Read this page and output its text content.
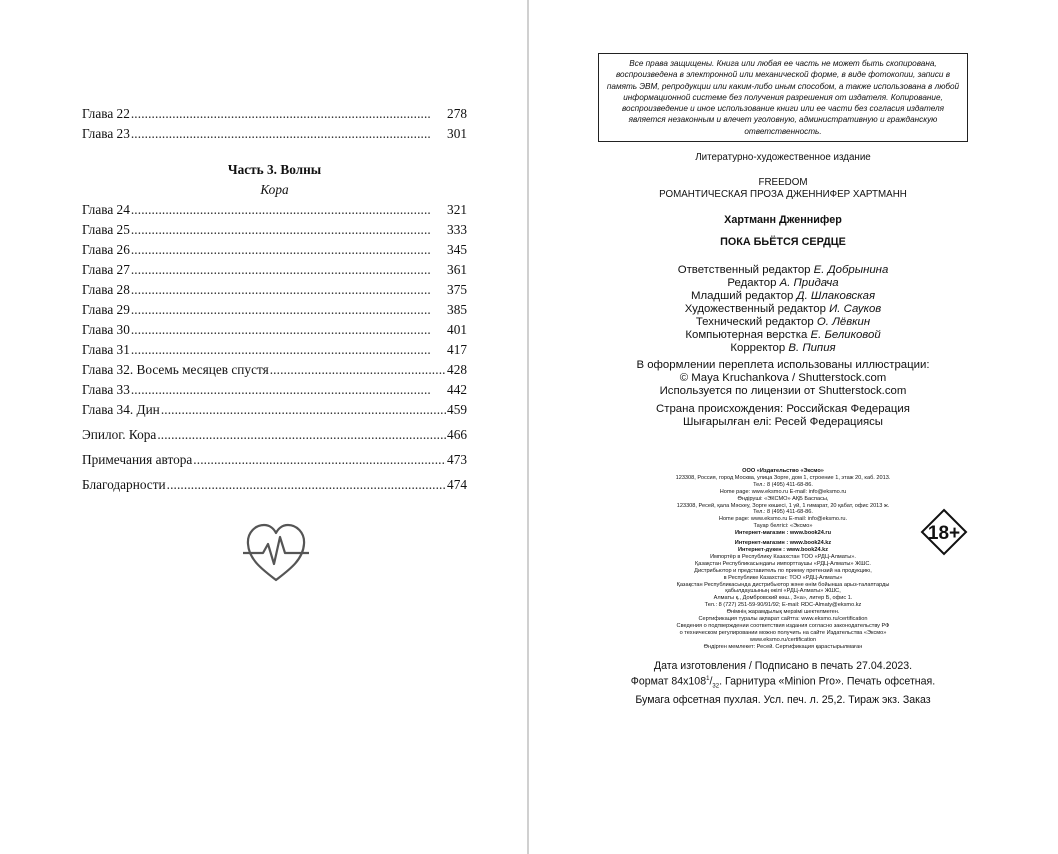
Глава 22 . . .	278
Глава 23 . . .	301
Часть 3. Волны
Кора
Глава 24 . . .	321
Глава 25 . . .	333
Глава 26 . . .	345
Глава 27 . . .	361
Глава 28 . . .	375
Глава 29 . . .	385
Глава 30 . . .	401
Глава 31 . . .	417
Глава 32. Восемь месяцев спустя . . .	428
Глава 33 . . .	442
Глава 34. Дин . . .	459
Эпилог. Кора . . .	466
Примечания автора . . .	473
Благодарности . . .	474
Все права защищены. Книга или любая ее часть не может быть скопирована, воспроизведена в электронной или механической форме, в виде фотокопии, записи в память ЭВМ, репродукции или каким-либо иным способом, а также использована в любой информационной системе без получения разрешения от издателя. Копирование, воспроизведение и иное использование книги или ее части без согласия издателя является незаконным и влечет уголовную, административную и гражданскую ответственность.
Литературно-художественное издание
FREEDOM
РОМАНТИЧЕСКАЯ ПРОЗА ДЖЕННИФЕР ХАРТМАНН
Хартманн Дженнифер
ПОКА БЬЁТСЯ СЕРДЦЕ
Ответственный редактор Е. Добрынина
Редактор А. Придача
Младший редактор Д. Шлаковская
Художественный редактор И. Сауков
Технический редактор О. Лёвкин
Компьютерная верстка Е. Беликовой
Корректор В. Пипия
В оформлении переплета использованы иллюстрации:
© Maya Kruchankova / Shutterstock.com
Используется по лицензии от Shutterstock.com
Страна происхождения: Российская Федерация
Шығарылған елі: Ресей Федерациясы
ООО «Издательство «Эксмо»
123308, Россия, город Москва, улица Зорге, дом 1, строение 1, этаж 20, каб. 2013.
Тел.: 8 (495) 411-68-86.
Home page: www.eksmo.ru E-mail: info@eksmo.ru
Өндіруші: «ЭКСМО» АҚБ Баспасы,
123308, Ресей, қала Мәскеу, Зорге көшесі, 1 үй, 1 ғимарат, 20 қабат, офис 2013 ж.
Тел.: 8 (495) 411-68-86.
Home page: www.eksmo.ru E-mail: info@eksmo.ru.
Тауар белгісі: «Эксмо»
Интернет-магазин : www.book24.ru
Интернет-магазин : www.book24.kz
Интернет-дүкен : www.book24.kz
Импортёр в Республику Казахстан ТОО «РДЦ-Алматы».
Қазақстан Республикасындағы импорттаушы «РДЦ-Алматы» ЖШС.
Дистрибьютор и представитель по приему претензий на продукцию,
в Республике Казахстан: ТОО «РДЦ-Алматы»
Қазақстан Республикасында дистрибьютор және өнім бойынша арыз-талаптарды
қабылдаушының өкілі «РДЦ-Алматы» ЖШС,
Алматы қ., Домбровский көш., 3«а», литер Б, офис 1.
Тел.: 8 (727) 251-59-90/91/92; E-mail: RDC-Almaty@eksmo.kz
Өнімнің жарамдылық мерзімі шектелмеген.
Сертификация туралы ақпарат сайтта: www.eksmo.ru/certification
Сведения о подтверждении соответствия издания согласно законодательству РФ
о техническом регулировании можно получить на сайте Издательства «Эксмо»
www.eksmo.ru/certification
Өндірген мемлекет: Ресей. Сертификация қарастырылмаған
18+
Дата изготовления / Подписано в печать 27.04.2023.
Формат $84х108^1/_{32}$. Гарнитура «Minion Pro». Печать офсетная.
Бумага офсетная пухлая. Усл. печ. л. 25,2. Тираж экз. Заказ
